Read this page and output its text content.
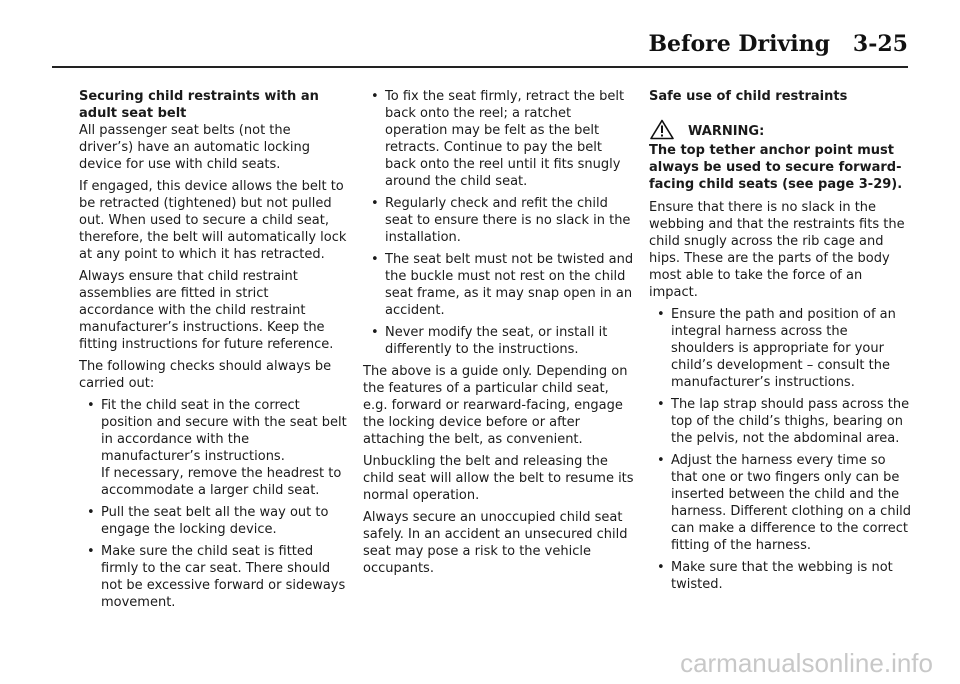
Before Driving   3-25

Securing child restraints with an adult seat belt

All passenger seat belts (not the driver’s) have an automatic locking device for use with child seats.

If engaged, this device allows the belt to be retracted (tightened) but not pulled out. When used to secure a child seat, therefore, the belt will automatically lock at any point to which it has retracted.

Always ensure that child restraint assemblies are fitted in strict accordance with the child restraint manufacturer’s instructions. Keep the fitting instructions for future reference.

The following checks should always be carried out:

• Fit the child seat in the correct position and secure with the seat belt in accordance with the manufacturer’s instructions.
If necessary, remove the headrest to accommodate a larger child seat.
• Pull the seat belt all the way out to engage the locking device.
• Make sure the child seat is fitted firmly to the car seat. There should not be excessive forward or sideways movement.
• To fix the seat firmly, retract the belt back onto the reel; a ratchet operation may be felt as the belt retracts. Continue to pay the belt back onto the reel until it fits snugly around the child seat.
• Regularly check and refit the child seat to ensure there is no slack in the installation.
• The seat belt must not be twisted and the buckle must not rest on the child seat frame, as it may snap open in an accident.
• Never modify the seat, or install it differently to the instructions.

The above is a guide only. Depending on the features of a particular child seat, e.g. forward or rearward-facing, engage the locking device before or after attaching the belt, as convenient.

Unbuckling the belt and releasing the child seat will allow the belt to resume its normal operation.

Always secure an unoccupied child seat safely. In an accident an unsecured child seat may pose a risk to the vehicle occupants.

Safe use of child restraints

WARNING:

The top tether anchor point must always be used to secure forward-facing child seats (see page 3-29).

Ensure that there is no slack in the webbing and that the restraints fits the child snugly across the rib cage and hips. These are the parts of the body most able to take the force of an impact.

• Ensure the path and position of an integral harness across the shoulders is appropriate for your child’s development – consult the manufacturer’s instructions.
• The lap strap should pass across the top of the child’s thighs, bearing on the pelvis, not the abdominal area.
• Adjust the harness every time so that one or two fingers only can be inserted between the child and the harness. Different clothing on a child can make a difference to the correct fitting of the harness.
• Make sure that the webbing is not twisted.
carmanualsonline.info
